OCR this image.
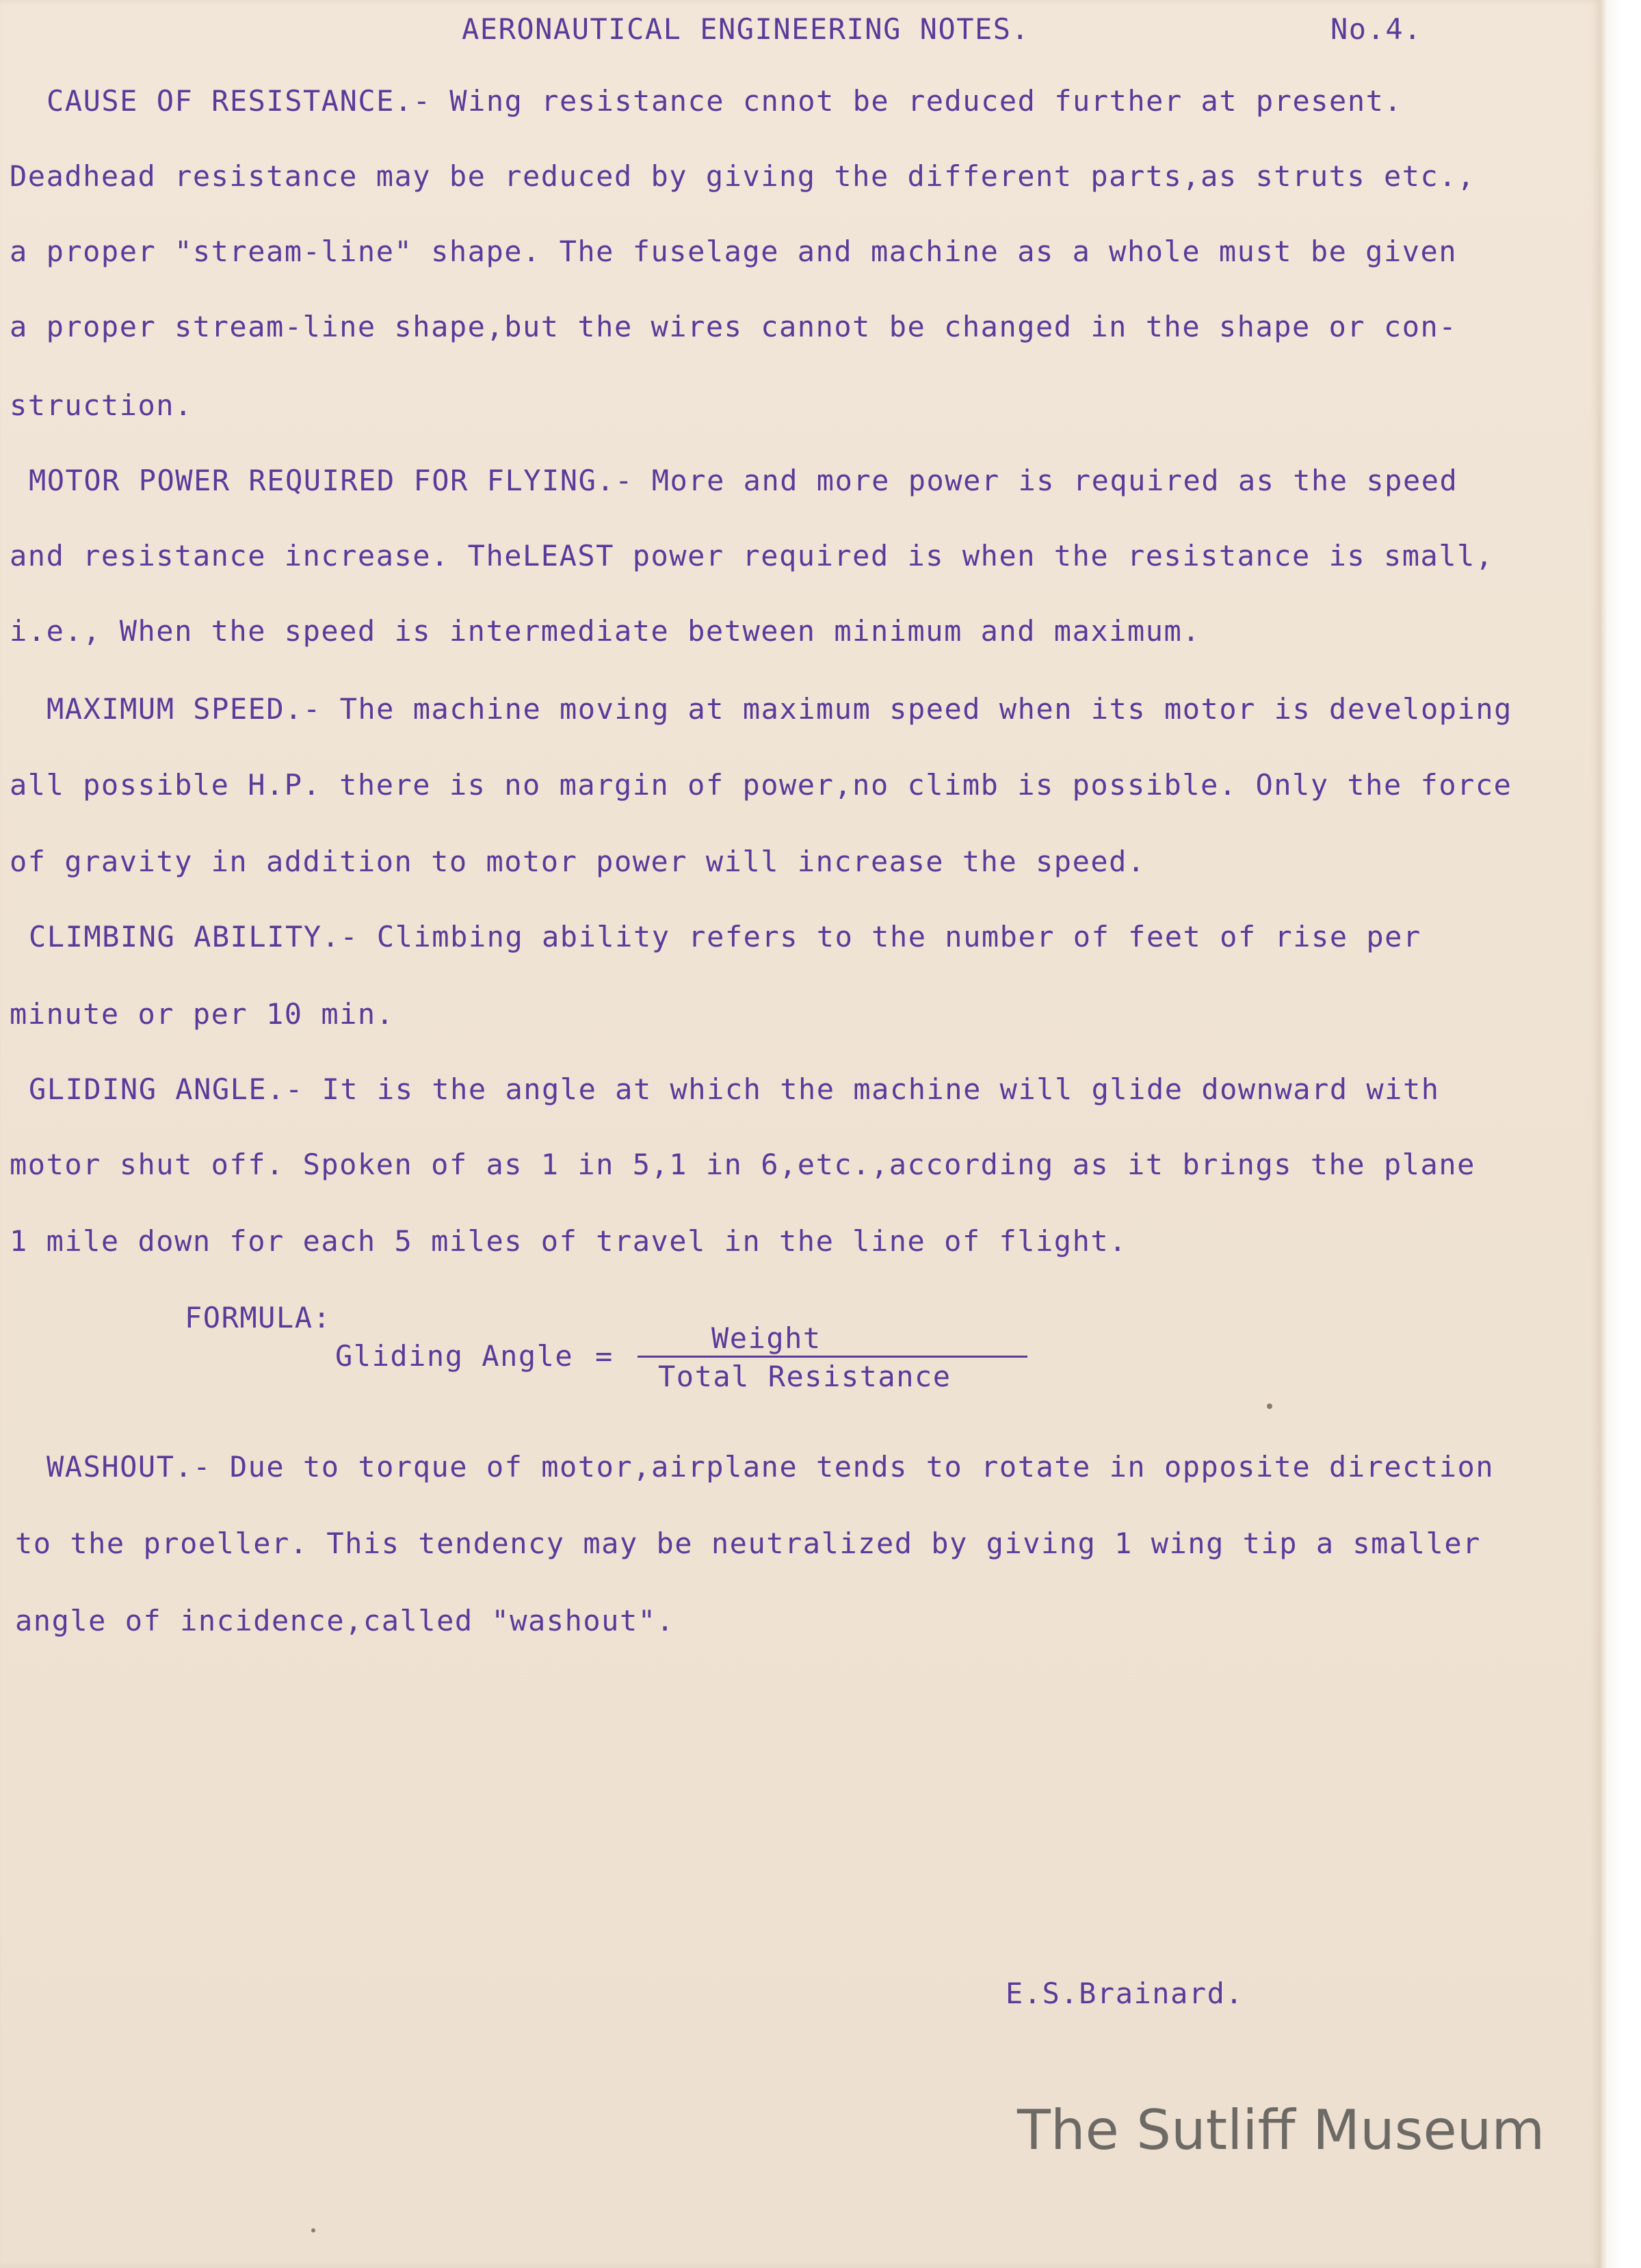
AERONAUTICAL ENGINEERING NOTES.	No.4.
CAUSE OF RESISTANCE.- Wing resistance cnnot be reduced further at present.
Deadhead resistance may be reduced by giving the different parts,as struts etc.,
a proper "stream-line" shape. The fuselage and machine as a whole must be given
a proper stream-line shape,but the wires cannot be changed in the shape or con-
struction.
MOTOR POWER REQUIRED FOR FLYING.- More and more power is required as the speed
and resistance increase. TheLEAST power required is when the resistance is small,
i.e., When the speed is intermediate between minimum and maximum.
MAXIMUM SPEED.- The machine moving at maximum speed when its motor is developing
all possible H.P. there is no margin of power,no climb is possible. Only the force
of gravity in addition to motor power will increase the speed.
CLIMBING ABILITY.- Climbing ability refers to the number of feet of rise per
minute or per 10 min.
GLIDING ANGLE.- It is the angle at which the machine will glide downward with
motor shut off. Spoken of as 1 in 5,1 in 6,etc.,according as it brings the plane
1 mile down for each 5 miles of travel in the line of flight.
FORMULA:
Gliding Angle =
Weight
Total Resistance
WASHOUT.- Due to torque of motor,airplane tends to rotate in opposite direction
to the proeller. This tendency may be neutralized by giving 1 wing tip a smaller
angle of incidence,called "washout".
E.S.Brainard.
The Sutliff Museum
